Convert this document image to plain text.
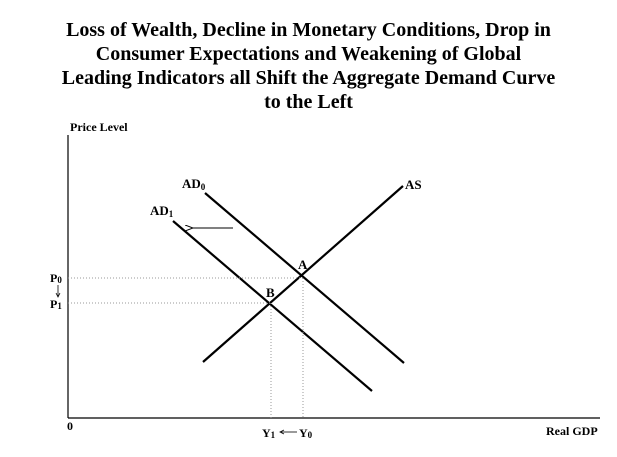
Loss of Wealth, Decline in Monetary Conditions, Drop in
Consumer Expectations and Weakening of Global
Leading Indicators all Shift the Aggregate Demand Curve
to the Left
Price Level
Real GDP
0
AD0
AD1
AS
A
B
P0
P1
Y1 Y0
